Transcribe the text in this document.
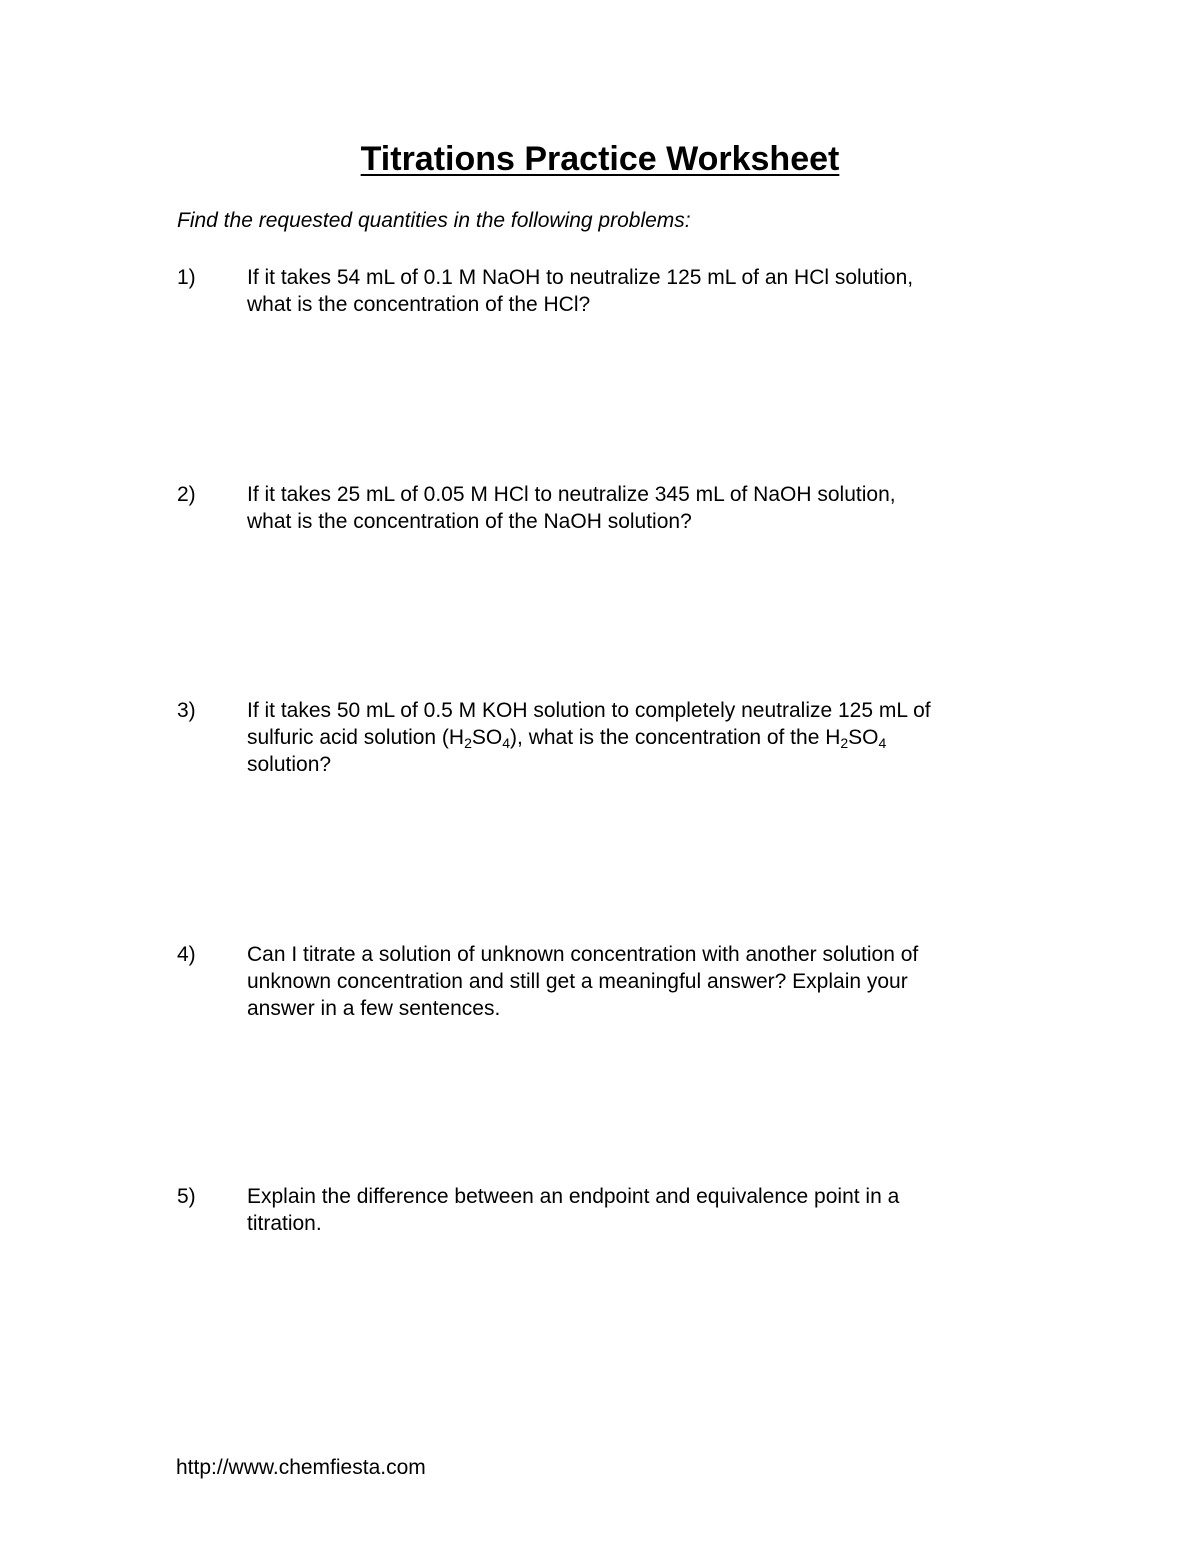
Titrations Practice Worksheet
Find the requested quantities in the following problems:
1) If it takes 54 mL of 0.1 M NaOH to neutralize 125 mL of an HCl solution,
what is the concentration of the HCl?
2) If it takes 25 mL of 0.05 M HCl to neutralize 345 mL of NaOH solution,
what is the concentration of the NaOH solution?
3) If it takes 50 mL of 0.5 M KOH solution to completely neutralize 125 mL of
sulfuric acid solution $(H_2SO_4)$, what is the concentration of the $H_2SO_4$
solution?
4) Can I titrate a solution of unknown concentration with another solution of
unknown concentration and still get a meaningful answer? Explain your
answer in a few sentences.
5) Explain the difference between an endpoint and equivalence point in a
titration.
http://www.chemfiesta.com
